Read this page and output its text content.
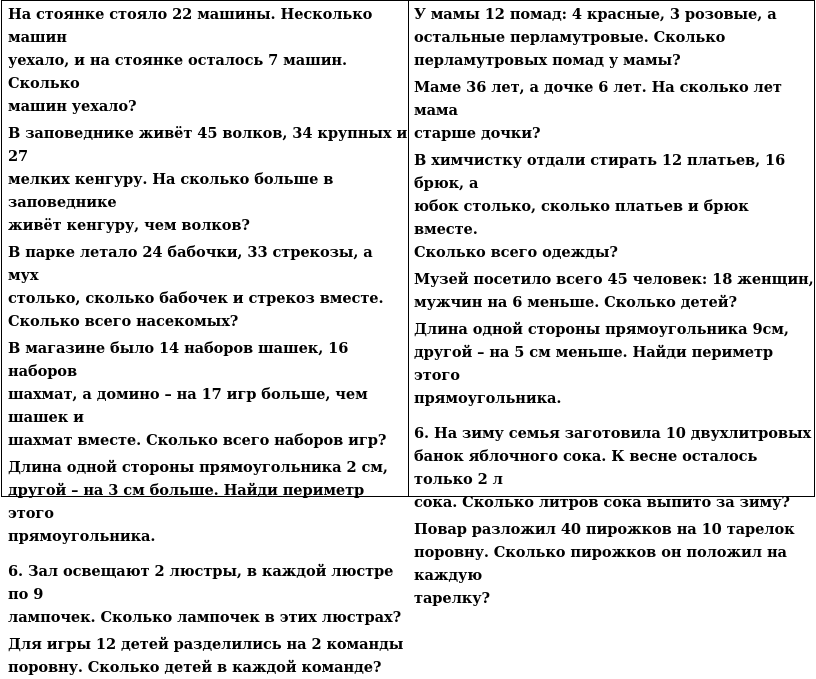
На стоянке стояло 22 машины. Несколько машин
уехало, и на стоянке осталось 7 машин. Сколько
машин уехало?

В заповеднике живёт 45 волков, 34 крупных и 27
мелких кенгуру. На сколько больше в заповеднике
живёт кенгуру, чем волков?

В парке летало 24 бабочки, 33 стрекозы, а мух
столько, сколько бабочек и стрекоз вместе.
Сколько всего насекомых?

В магазине было 14 наборов шашек, 16 наборов
шахмат, а домино – на 17 игр больше, чем шашек и
шахмат вместе. Сколько всего наборов игр?

Длина одной стороны прямоугольника 2 см,
другой – на 3 см больше. Найди периметр этого
прямоугольника.

6. Зал освещают 2 люстры, в каждой люстре по 9
лампочек. Сколько лампочек в этих люстрах?

Для игры 12 детей разделились на 2 команды
поровну. Сколько детей в каждой команде?

У мамы 12 помад: 4 красные, 3 розовые, а
остальные перламутровые. Сколько
перламутровых помад у мамы?

Маме 36 лет, а дочке 6 лет. На сколько лет мама
старше дочки?

В химчистку отдали стирать 12 платьев, 16 брюк, а
юбок столько, сколько платьев и брюк вместе.
Сколько всего одежды?

Музей посетило всего 45 человек: 18 женщин,
мужчин на 6 меньше. Сколько детей?

Длина одной стороны прямоугольника 9см,
другой – на 5 см меньше. Найди периметр этого
прямоугольника.

6. На зиму семья заготовила 10 двухлитровых
банок яблочного сока. К весне осталось только 2 л
сока. Сколько литров сока выпито за зиму?

Повар разложил 40 пирожков на 10 тарелок
поровну. Сколько пирожков он положил на каждую
тарелку?
